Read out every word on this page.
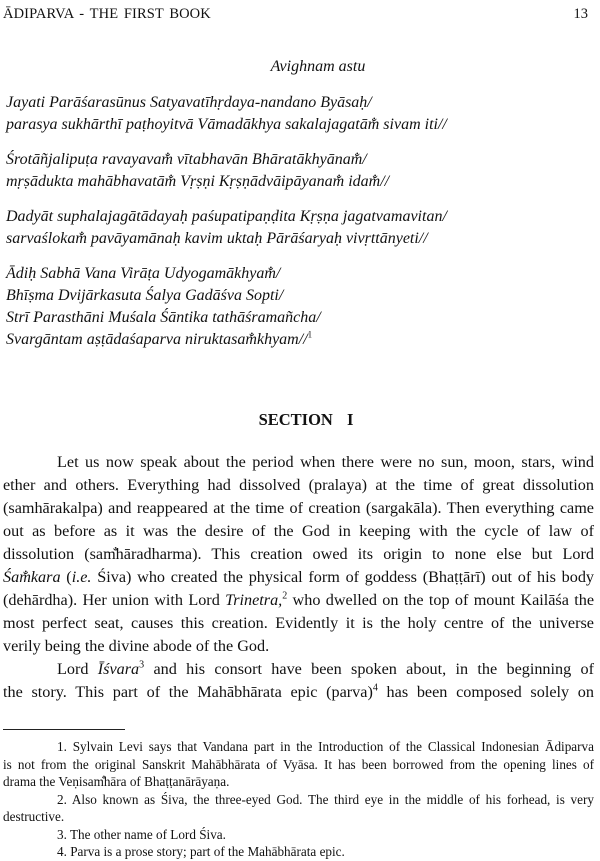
ĀDIPARVA - THE FIRST BOOK	13
Avighnam astu
Jayati Parāśarasūnus Satyavatīhṛdaya-nandano Byāsaḥ/
parasya sukhārthī paṭhoyitvā Vāmadākhya sakalajagatām̐ sivam iti//
Śrotāñjalipuṭa ravayavam̐ vītabhavān Bhāratākhyānam̐/
mṛṣādukta mahābhavatām̐ Vṛṣṇi Kṛṣṇādvāipāyanam̐ idam̐//
Dadyāt suphalajagātādayaḥ paśupatipaṇḍita Kṛṣṇa jagatvamavitan/
sarvaślokam̐ pavāyamānaḥ kavim uktaḥ Pārāśaryaḥ vivṛttānyeti//
Ādiḥ Sabhā Vana Virāṭa Udyogamākhyam̐/
Bhīṣma Dvijārkasuta Śalya Gadāśva Sopti/
Strī Parasthāni Muśala Śāntika tathāśramañcha/
Svargāntam aṣṭādaśaparva niruktasam̐khyam//$^1$
SECTION I
Let us now speak about the period when there were no sun, moon, stars, wind
ether and others. Everything had dissolved (pralaya) at the time of great dissolution
(samhārakalpa) and reappeared at the time of creation (sargakāla). Then everything came
out as before as it was the desire of the God in keeping with the cycle of law of
dissolution (sam̐hāradharma). This creation owed its origin to none else but Lord
Śam̐kara (i.e. Śiva) who created the physical form of goddess (Bhaṭṭārī) out of his body
(dehārdha). Her union with Lord Trinetra,$^2$ who dwelled on the top of mount Kailāśa the
most perfect seat, causes this creation. Evidently it is the holy centre of the universe
verily being the divine abode of the God.
Lord Īśvara$^3$ and his consort have been spoken about, in the beginning of
the story. This part of the Mahābhārata epic (parva)$^4$ has been composed solely on
1. Sylvain Levi says that Vandana part in the Introduction of the Classical Indonesian Ādiparva
is not from the original Sanskrit Mahābhārata of Vyāsa. It has been borrowed from the opening lines of
drama the Veṇisam̐hāra of Bhaṭṭanārāyaṇa.
2. Also known as Śiva, the three-eyed God. The third eye in the middle of his forhead, is very
destructive.
3. The other name of Lord Śiva.
4. Parva is a prose story; part of the Mahābhārata epic.
